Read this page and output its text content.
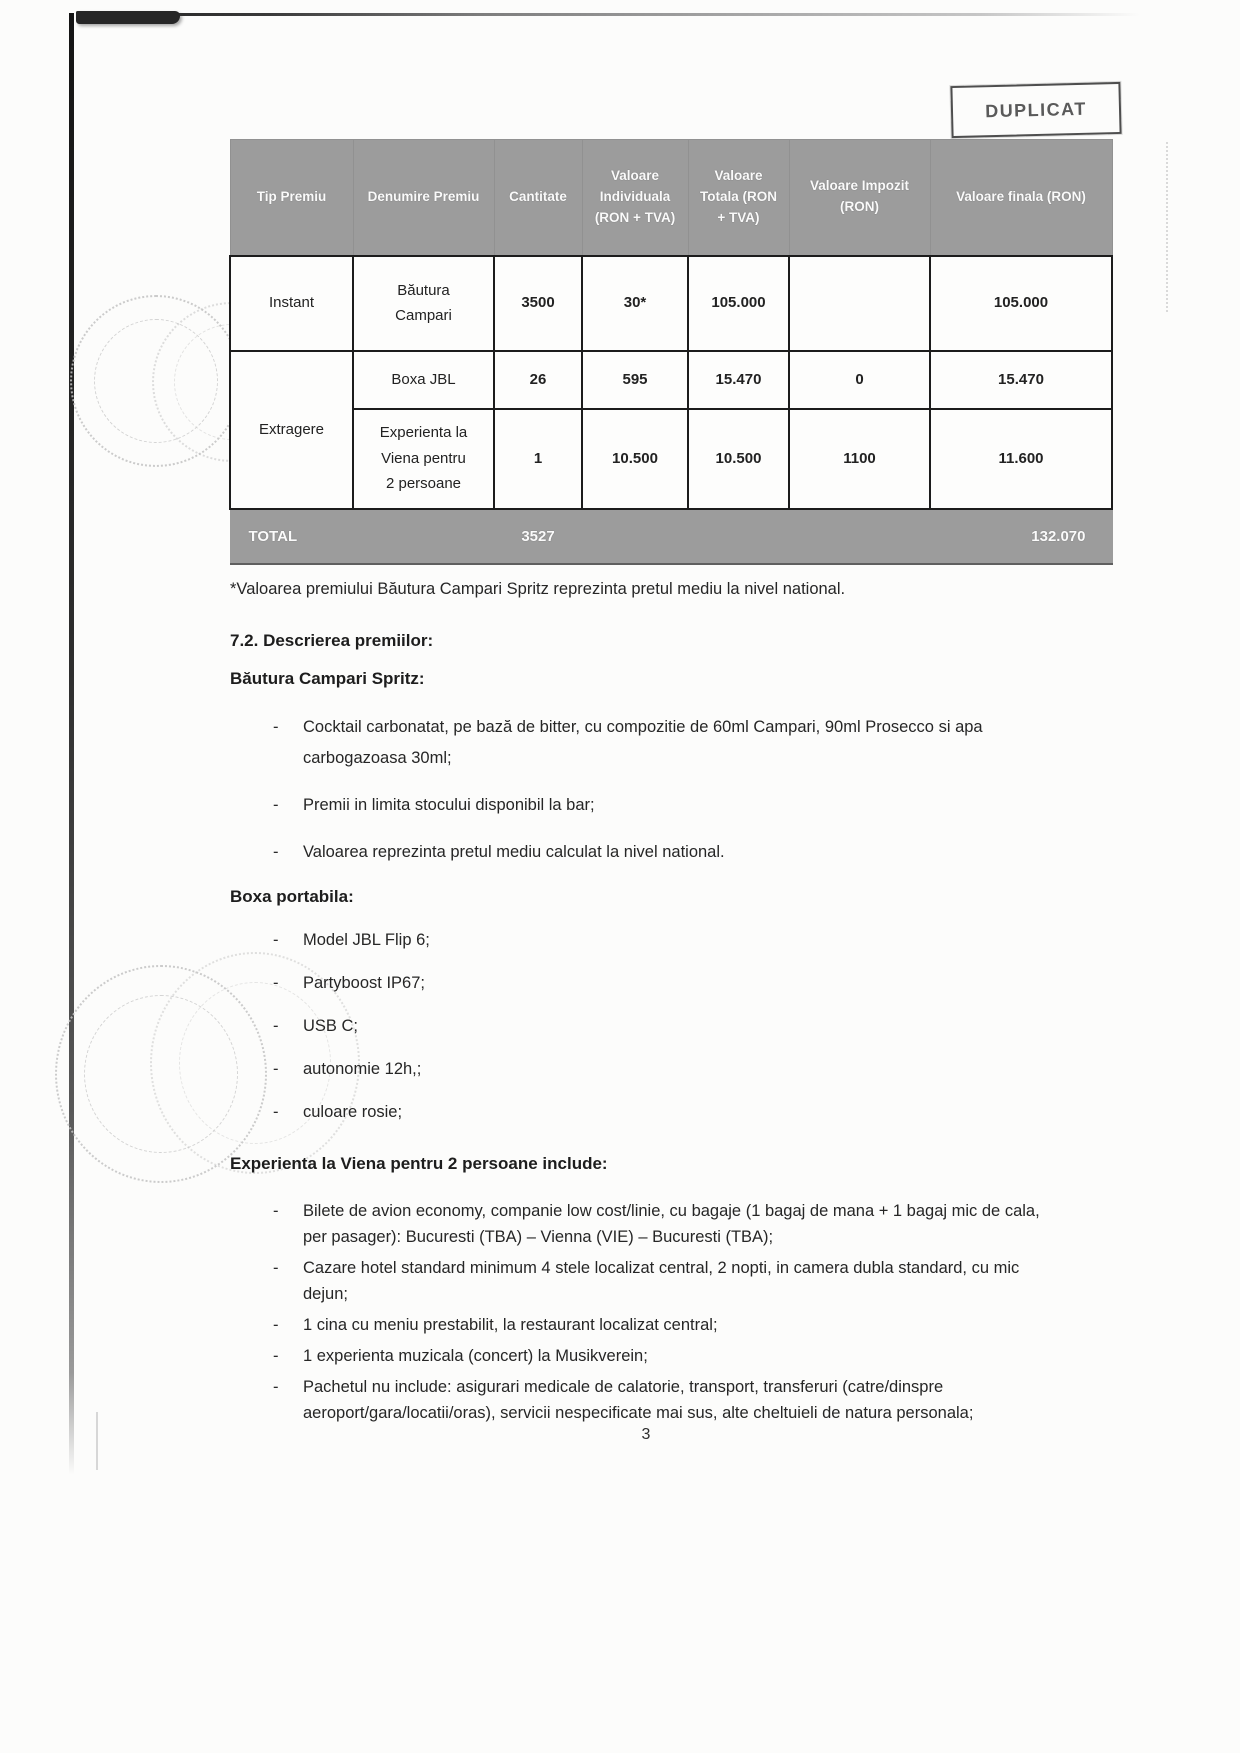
DUPLICAT
Tip Premiu	Denumire Premiu	Cantitate	Valoare Individuala (RON + TVA)	Valoare Totala (RON + TVA)	Valoare Impozit (RON)	Valoare finala (RON)
Instant	Băutura Campari	3500	30*	105.000		105.000
Extragere	Boxa JBL	26	595	15.470	0	15.470
	Experienta la Viena pentru 2 persoane	1	10.500	10.500	1100	11.600
TOTAL		3527				132.070

*Valoarea premiului Băutura Campari Spritz reprezinta pretul mediu la nivel national.

7.2. Descrierea premiilor:

Băutura Campari Spritz:

- Cocktail carbonatat, pe bază de bitter, cu compozitie de 60ml Campari, 90ml Prosecco si apa carbogazoasa 30ml;
- Premii in limita stocului disponibil la bar;
- Valoarea reprezinta pretul mediu calculat la nivel national.

Boxa portabila:

- Model JBL Flip 6;
- Partyboost IP67;
- USB C;
- autonomie 12h,;
- culoare rosie;

Experienta la Viena pentru 2 persoane include:

- Bilete de avion economy, companie low cost/linie, cu bagaje (1 bagaj de mana + 1 bagaj mic de cala, per pasager): Bucuresti (TBA) – Vienna (VIE) – Bucuresti (TBA);
- Cazare hotel standard minimum 4 stele localizat central, 2 nopti, in camera dubla standard, cu mic dejun;
- 1 cina cu meniu prestabilit, la restaurant localizat central;
- 1 experienta muzicala (concert) la Musikverein;
- Pachetul nu include: asigurari medicale de calatorie, transport, transferuri (catre/dinspre aeroport/gara/locatii/oras), servicii nespecificate mai sus, alte cheltuieli de natura personala;
3
